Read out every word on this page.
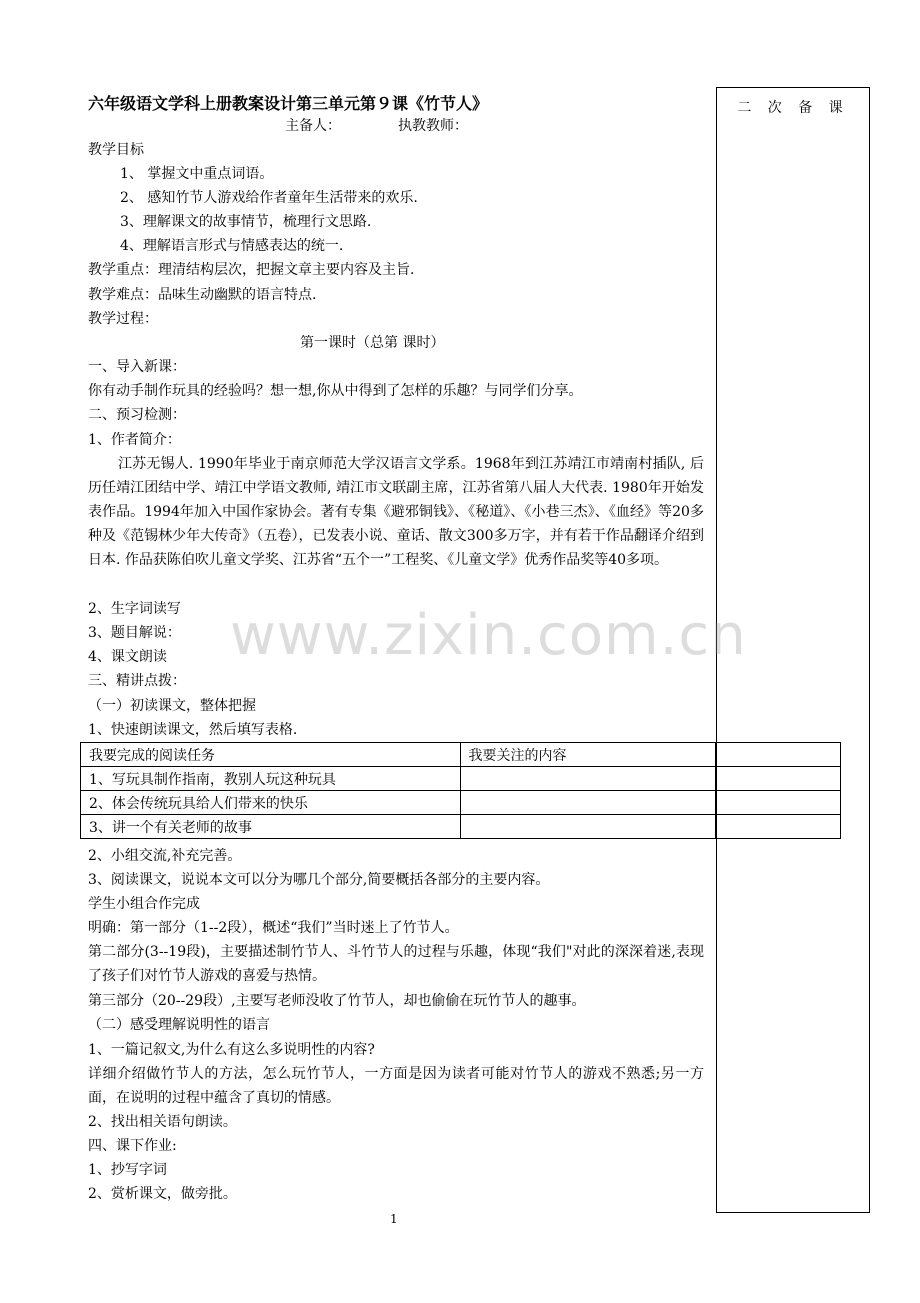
二 次 备 课
六年级语文学科上册教案设计第三单元第９课《竹节人》
主备人：	执教教师：
教学目标
1、 掌握文中重点词语。
2、 感知竹节人游戏给作者童年生活带来的欢乐.
3、理解课文的故事情节，梳理行文思路.
4、理解语言形式与情感表达的统一.
教学重点：理清结构层次，把握文章主要内容及主旨.
教学难点：品味生动幽默的语言特点.
教学过程：
第一课时（总第 课时）
一、导入新课：
你有动手制作玩具的经验吗？想一想,你从中得到了怎样的乐趣？与同学们分享。
二、预习检测：
1、作者简介：
江苏无锡人. 1990年毕业于南京师范大学汉语言文学系。1968年到江苏靖江市靖南村插队, 后历任靖江团结中学、靖江中学语文教师, 靖江市文联副主席，江苏省第八届人大代表. 1980年开始发表作品。1994年加入中国作家协会。著有专集《避邪铜钱》、《秘道》、《小巷三杰》、《血经》等20多种及《范锡林少年大传奇》（五卷），已发表小说、童话、散文300多万字，并有若干作品翻译介绍到日本. 作品获陈伯吹儿童文学奖、江苏省“五个一”工程奖、《儿童文学》优秀作品奖等40多项。
2、生字词读写
3、题目解说：
4、课文朗读
三、精讲点拨：
（一）初读课文，整体把握
1、快速朗读课文，然后填写表格.
我要完成的阅读任务	我要关注的内容	
1、写玩具制作指南，教别人玩这种玩具		
2、体会传统玩具给人们带来的快乐		
3、讲一个有关老师的故事		
2、小组交流,补充完善。
3、阅读课文，说说本文可以分为哪几个部分,简要概括各部分的主要内容。
学生小组合作完成
明确：第一部分（1--2段），概述“我们”当时迷上了竹节人。
第二部分(3--19段)，主要描述制竹节人、斗竹节人的过程与乐趣，体现“我们"对此的深深着迷,表现了孩子们对竹节人游戏的喜爱与热情。
第三部分（20--29段）,主要写老师没收了竹节人，却也偷偷在玩竹节人的趣事。
（二）感受理解说明性的语言
1、一篇记叙文,为什么有这么多说明性的内容?
详细介绍做竹节人的方法，怎么玩竹节人，一方面是因为读者可能对竹节人的游戏不熟悉;另一方面，在说明的过程中蕴含了真切的情感。
2、找出相关语句朗读。
四、课下作业:
1、抄写字词
2、赏析课文，做旁批。
www.zixin.com.cn
1
